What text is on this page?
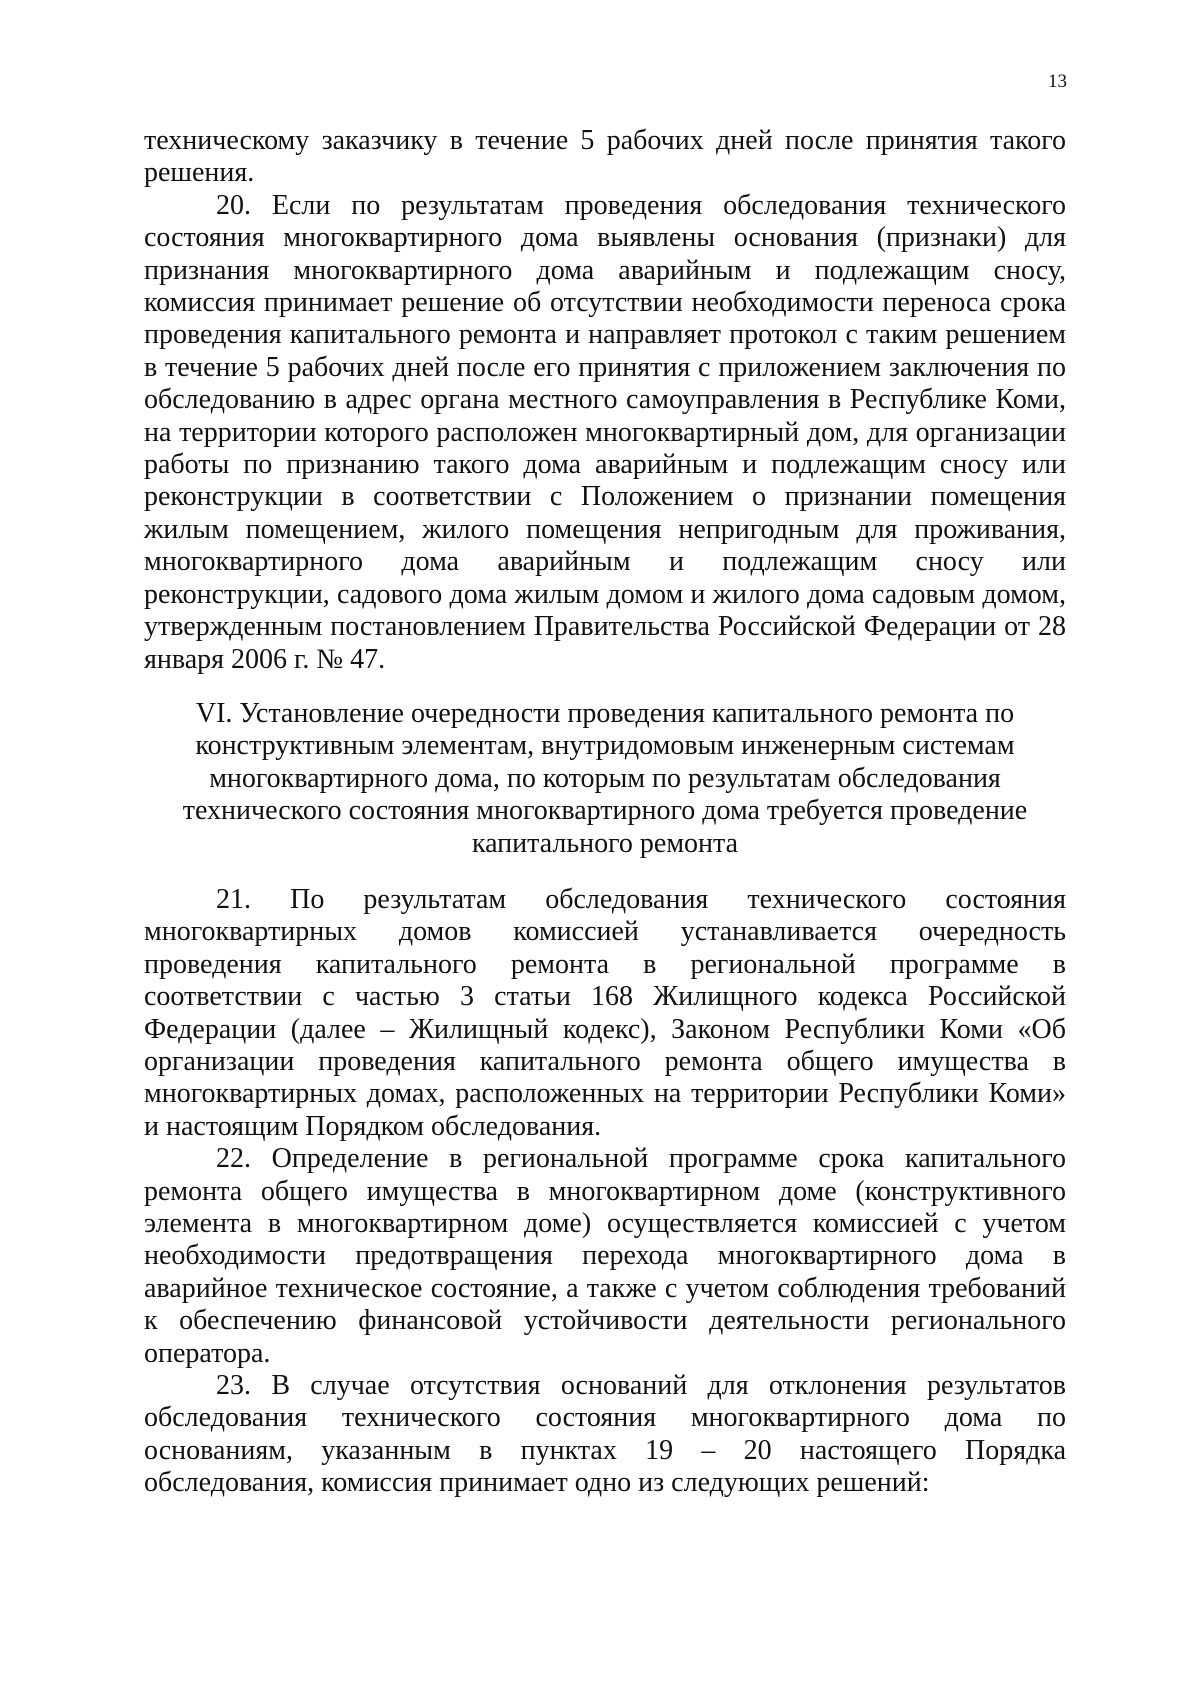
13

техническому заказчику в течение 5 рабочих дней после принятия такого решения.

20. Если по результатам проведения обследования технического состояния многоквартирного дома выявлены основания (признаки) для признания многоквартирного дома аварийным и подлежащим сносу, комиссия принимает решение об отсутствии необходимости переноса срока проведения капитального ремонта и направляет протокол с таким решением в течение 5 рабочих дней после его принятия с приложением заключения по обследованию в адрес органа местного самоуправления в Республике Коми, на территории которого расположен многоквартирный дом, для организации работы по признанию такого дома аварийным и подлежащим сносу или реконструкции в соответствии с Положением о признании помещения жилым помещением, жилого помещения непригодным для проживания, многоквартирного дома аварийным и подлежащим сносу или реконструкции, садового дома жилым домом и жилого дома садовым домом, утвержденным постановлением Правительства Российской Федерации от 28 января 2006 г. № 47.

VI. Установление очередности проведения капитального ремонта по
конструктивным элементам, внутридомовым инженерным системам
многоквартирного дома, по которым по результатам обследования
технического состояния многоквартирного дома требуется проведение
капитального ремонта

21. По результатам обследования технического состояния многоквартирных домов комиссией устанавливается очередность проведения капитального ремонта в региональной программе в соответствии с частью 3 статьи 168 Жилищного кодекса Российской Федерации (далее – Жилищный кодекс), Законом Республики Коми «Об организации проведения капитального ремонта общего имущества в многоквартирных домах, расположенных на территории Республики Коми» и настоящим Порядком обследования.

22. Определение в региональной программе срока капитального ремонта общего имущества в многоквартирном доме (конструктивного элемента в многоквартирном доме) осуществляется комиссией с учетом необходимости предотвращения перехода многоквартирного дома в аварийное техническое состояние, а также с учетом соблюдения требований к обеспечению финансовой устойчивости деятельности регионального оператора.

23. В случае отсутствия оснований для отклонения результатов обследования технического состояния многоквартирного дома по основаниям, указанным в пунктах 19 – 20 настоящего Порядка обследования, комиссия принимает одно из следующих решений:
